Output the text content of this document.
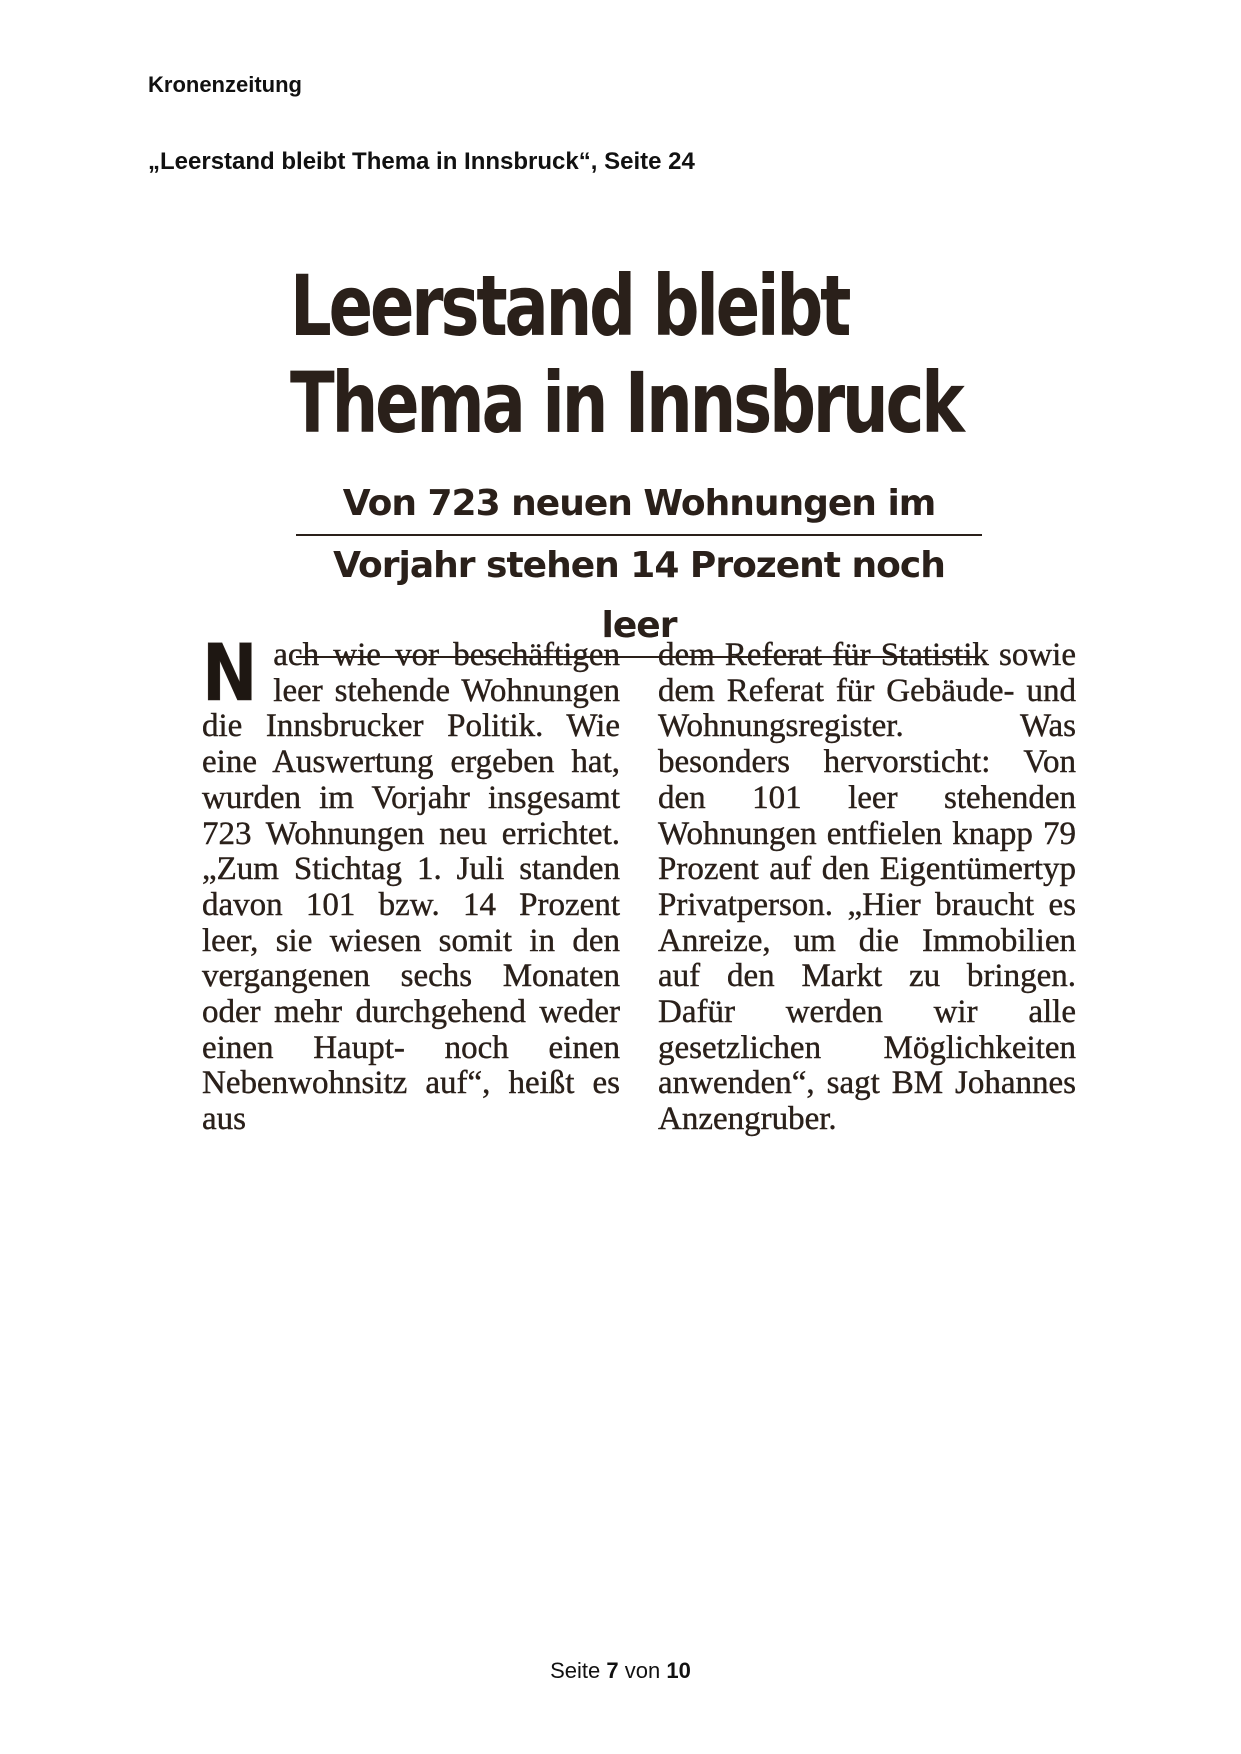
Kronenzeitung
„Leerstand bleibt Thema in Innsbruck“, Seite 24
Leerstand bleibt
Thema in Innsbruck
Von 723 neuen Wohnungen im
Vorjahr stehen 14 Prozent noch leer
N ach wie vor beschäftigen leer stehende Wohnungen die Innsbrucker Politik. Wie eine Auswertung ergeben hat, wurden im Vorjahr insgesamt 723 Wohnungen neu errichtet. „Zum Stichtag 1. Juli standen davon 101 bzw. 14 Prozent leer, sie wiesen somit in den vergangenen sechs Monaten oder mehr durchgehend weder einen Haupt- noch einen Nebenwohnsitz auf“, heißt es aus
dem Referat für Statistik sowie dem Referat für Gebäude- und Wohnungsregister. Was besonders hervorsticht: Von den 101 leer stehenden Wohnungen entfielen knapp 79 Prozent auf den Eigentümertyp Privatperson. „Hier braucht es Anreize, um die Immobilien auf den Markt zu bringen. Dafür werden wir alle gesetzlichen Möglichkeiten anwenden“, sagt BM Johannes Anzengruber.
Seite 7 von 10
